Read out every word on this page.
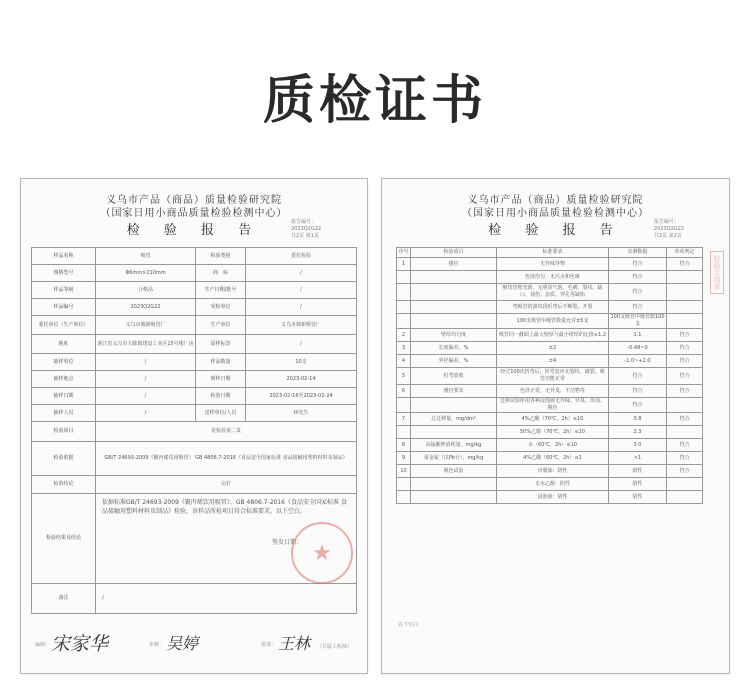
质检证书
义乌市产品（商品）质量检验研究院
（国家日用小商品质量检验检测中心）
检 验 报 告
报告编号：
2023Q2G22
共2页 第1页
样品名称	吸管	检验类别	委托检验
规格型号	Φ6mm×210mm	商　标	/
样品等级	合格品	生产日期/批号	/
样品编号	2023Q2G22	受检单位	/
委托单位（生产单位）	义乌市塘新吸管厂	生产单位	义乌市塘新吸管厂
地址	浙江省义乌市大陈镇建设工业区15号楼厂房	原样标签	/
抽样单位	/	样品数量	10支
抽样地点	/	到样日期	2023-02-14
抽样日期	/	检验日期	2023-02-16至2023-02-24
抽样人员	/	送样单位/人员	林先生
检验项目	见检验第二页		
检验依据	GB/T 24693-2009《聚丙烯饮用吸管》 GB 4806.7-2016《食品安全国家标准 食品接触用塑料材料及制品》		
检验结论	完好		
检验结果及结论	依据标准GB/T 24693-2009《聚丙烯饮用吸管》、GB 4806.7-2016《食品安全国家标准 食品接触用塑料材料及制品》检验，该样品所检项目符合标准要求。以下空白。
签发日期：		

备注	/		
★
编制： 宋家华	审核： 吴婷	批准： 王林 （共版工程师）
义乌市产品（商品）质量检验研究院
（国家日用小商品质量检验检测中心）
检 验 报 告
报告编号：
2023Q2G22
共2页 第2页
序号	检验项目	标准要求	实测数据	单项判定
1	感官	无异味异物	符合	符合
		色泽均匀，无污点和色斑	符合	
		吸管管壁光滑，无明显气泡、毛刺、裂纹、缺口、划伤、杂质、穿孔等缺陷	符合	
		弯吸管的波纹段折弯后不断裂、开裂	符合	
		100支吸管中吸管数量允许±5支	100支吸管中吸管数100支	
2	壁厚均匀度	吸管同一截面上最大壁厚与最小壁厚的比值≤1.2	1.1	符合
3	长度偏差，%	±2	-0.48~0	符合
4	外径偏差，%	±4	-1.0~+2.0	符合
5	折弯放收	经过100次折弯后，折弯处应无裂纹、破裂，吸管功能正常	符合	符合
6	感官要求	色泽正常，无异臭、不洁物等	符合	符合
		迁移试验所用各种浸泡液无异味、异臭、浑浊、脱色	符合	
7	总迁移量，mg/dm²	4%乙酸（70℃，2h）≤10	0.8	符合
		50%乙醇（70℃，2h）≤10	2.3	
8	高锰酸钾消耗量，mg/kg	水（60℃，2h）≤10	3.0	符合
9	重金属（以Pb计），mg/kg	4%乙酸（60℃，2h）≤1	<1	符合
10	脱色试验	冷餐油：阴性	阴性	符合
		无水乙醇：阴性	阴性	
		浸泡液：阴性	阴性	
以下空白
检验专用章
